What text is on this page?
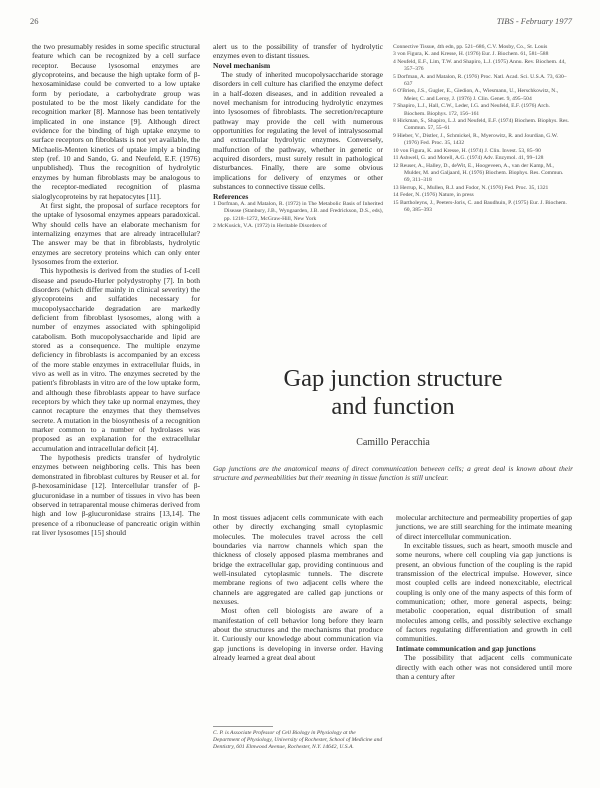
26	TIBS - February 1977

the two presumably resides in some specific structural feature which can be recognized by a cell surface receptor. Because lysosomal enzymes are glycoproteins, and because the high uptake form of β-hexosaminidase could be converted to a low uptake form by periodate, a carbohydrate group was postulated to be the most likely candidate for the recognition marker [8]. Mannose has been tentatively implicated in one instance [9]. Although direct evidence for the binding of high uptake enzyme to surface receptors on fibroblasts is not yet available, the Michaelis-Menten kinetics of uptake imply a binding step (ref. 10 and Sando, G. and Neufeld, E.F. (1976) unpublished). Thus the recognition of hydrolytic enzymes by human fibroblasts may be analogous to the receptor-mediated recognition of plasma sialoglycoproteins by rat hepatocytes [11].

At first sight, the proposal of surface receptors for the uptake of lysosomal enzymes appears paradoxical. Why should cells have an elaborate mechanism for internalizing enzymes that are already intracellular? The answer may be that in fibroblasts, hydrolytic enzymes are secretory proteins which can only enter lysosomes from the exterior.

This hypothesis is derived from the studies of I-cell disease and pseudo-Hurler polydystrophy [7]. In both disorders (which differ mainly in clinical severity) the glycoproteins and sulfatides necessary for mucopolysaccharide degradation are markedly deficient from fibroblast lysosomes, along with a number of enzymes associated with sphingolipid catabolism. Both mucopolysaccharide and lipid are stored as a consequence. The multiple enzyme deficiency in fibroblasts is accompanied by an excess of the more stable enzymes in extracellular fluids, in vivo as well as in vitro. The enzymes secreted by the patient's fibroblasts in vitro are of the low uptake form, and although these fibroblasts appear to have surface receptors by which they take up normal enzymes, they cannot recapture the enzymes that they themselves secrete. A mutation in the biosynthesis of a recognition marker common to a number of hydrolases was proposed as an explanation for the extracellular accumulation and intracellular deficit [4].

The hypothesis predicts transfer of hydrolytic enzymes between neighboring cells. This has been demonstrated in fibroblast cultures by Reuser et al. for β-hexosaminidase [12]. Intercellular transfer of β-glucuronidase in a number of tissues in vivo has been observed in tetraparental mouse chimeras derived from high and low β-glucuronidase strains [13,14]. The presence of a ribonuclease of pancreatic origin within rat liver lysosomes [15] should

alert us to the possibility of transfer of hydrolytic enzymes even to distant tissues.

Novel mechanism

The study of inherited mucopolysaccharide storage disorders in cell culture has clarified the enzyme defect in a half-dozen diseases, and in addition revealed a novel mechanism for introducing hydrolytic enzymes into lysosomes of fibroblasts. The secretion/recapture pathway may provide the cell with numerous opportunities for regulating the level of intralysosomal and extracellular hydrolytic enzymes. Conversely, malfunction of the pathway, whether in genetic or acquired disorders, must surely result in pathological disturbances. Finally, there are some obvious implications for delivery of enzymes or other substances to connective tissue cells.

References

1 Dorfman, A. and Matalon, R. (1972) in The Metabolic Basis of Inherited Disease (Stanbury, J.B., Wyngaarden, J.B. and Fredrickson, D.S., eds), pp. 1218–1272, McGraw-Hill, New York

2 McKusick, V.A. (1972) in Heritable Disorders of

Connective Tissue, 4th edn, pp. 521–686, C.V. Mosby, Co., St. Louis

3 von Figura, K. and Kresse, H. (1976) Eur. J. Biochem. 61, 581–588

4 Neufeld, E.F., Lim, T.W. and Shapiro, L.J. (1975) Annu. Rev. Biochem. 44, 357–376

5 Dorfman, A. and Matalon, R. (1976) Proc. Natl. Acad. Sci. U.S.A. 73, 630–637

6 O'Brien, J.S., Gugler, E., Giedion, A., Wiesmann, U., Herschkowitz, N., Meier, C. and Leroy, J. (1976) J. Clin. Genet. 9, 495–504

7 Shapiro, L.J., Hall, C.W., Leder, I.G. and Neufeld, E.F. (1976) Arch. Biochem. Biophys. 172, 156–161

8 Hickman, S., Shapiro, L.J. and Neufeld, E.F. (1974) Biochem. Biophys. Res. Commun. 57, 55–61

9 Hieber, V., Distler, J., Schmickel, R., Myerowitz, R. and Jourdian, G.W. (1976) Fed. Proc. 35, 1432

10 von Figura, K. and Kresse, H. (1974) J. Clin. Invest. 53, 85–90

11 Ashwell, G. and Morell, A.G. (1974) Adv. Enzymol. 41, 99–128

12 Reuser, A., Halley, D., deWit, E., Hoogeveen, A., van der Kamp, M., Mulder, M. and Galjaard, H. (1976) Biochem. Biophys. Res. Commun. 69, 311–318

13 Herrup, K., Mullen, R.J. and Fodor, N. (1976) Fed. Proc. 35, 1321

14 Feder, N. (1976) Nature, in press

15 Bartholeyns, J., Peeters-Joris, C. and Baudhuin, P. (1975) Eur. J. Biochem. 60, 385–393

Gap junction structure
and function
Camillo Peracchia
Gap junctions are the anatomical means of direct communication between cells; a great deal is known about their structure and permeabilities but their meaning in tissue function is still unclear.

In most tissues adjacent cells communicate with each other by directly exchanging small cytoplasmic molecules. The molecules travel across the cell boundaries via narrow channels which span the thickness of closely apposed plasma membranes and bridge the extracellular gap, providing continuous and well-insulated cytoplasmic tunnels. The discrete membrane regions of two adjacent cells where the channels are aggregated are called gap junctions or nexuses.

Most often cell biologists are aware of a manifestation of cell behavior long before they learn about the structures and the mechanisms that produce it. Curiously our knowledge about communication via gap junctions is developing in inverse order. Having already learned a great deal about

C. P. is Associate Professor of Cell Biology in Physiology at the Department of Physiology, University of Rochester, School of Medicine and Dentistry, 601 Elmwood Avenue, Rochester, N.Y. 14642, U.S.A.

molecular architecture and permeability properties of gap junctions, we are still searching for the intimate meaning of direct intercellular communication.

In excitable tissues, such as heart, smooth muscle and some neurons, where cell coupling via gap junctions is present, an obvious function of the coupling is the rapid transmission of the electrical impulse. However, since most coupled cells are indeed nonexcitable, electrical coupling is only one of the many aspects of this form of communication; other, more general aspects, being: metabolic cooperation, equal distribution of small molecules among cells, and possibly selective exchange of factors regulating differentiation and growth in cell communities.

Intimate communication and gap junctions

The possibility that adjacent cells communicate directly with each other was not considered until more than a century after
